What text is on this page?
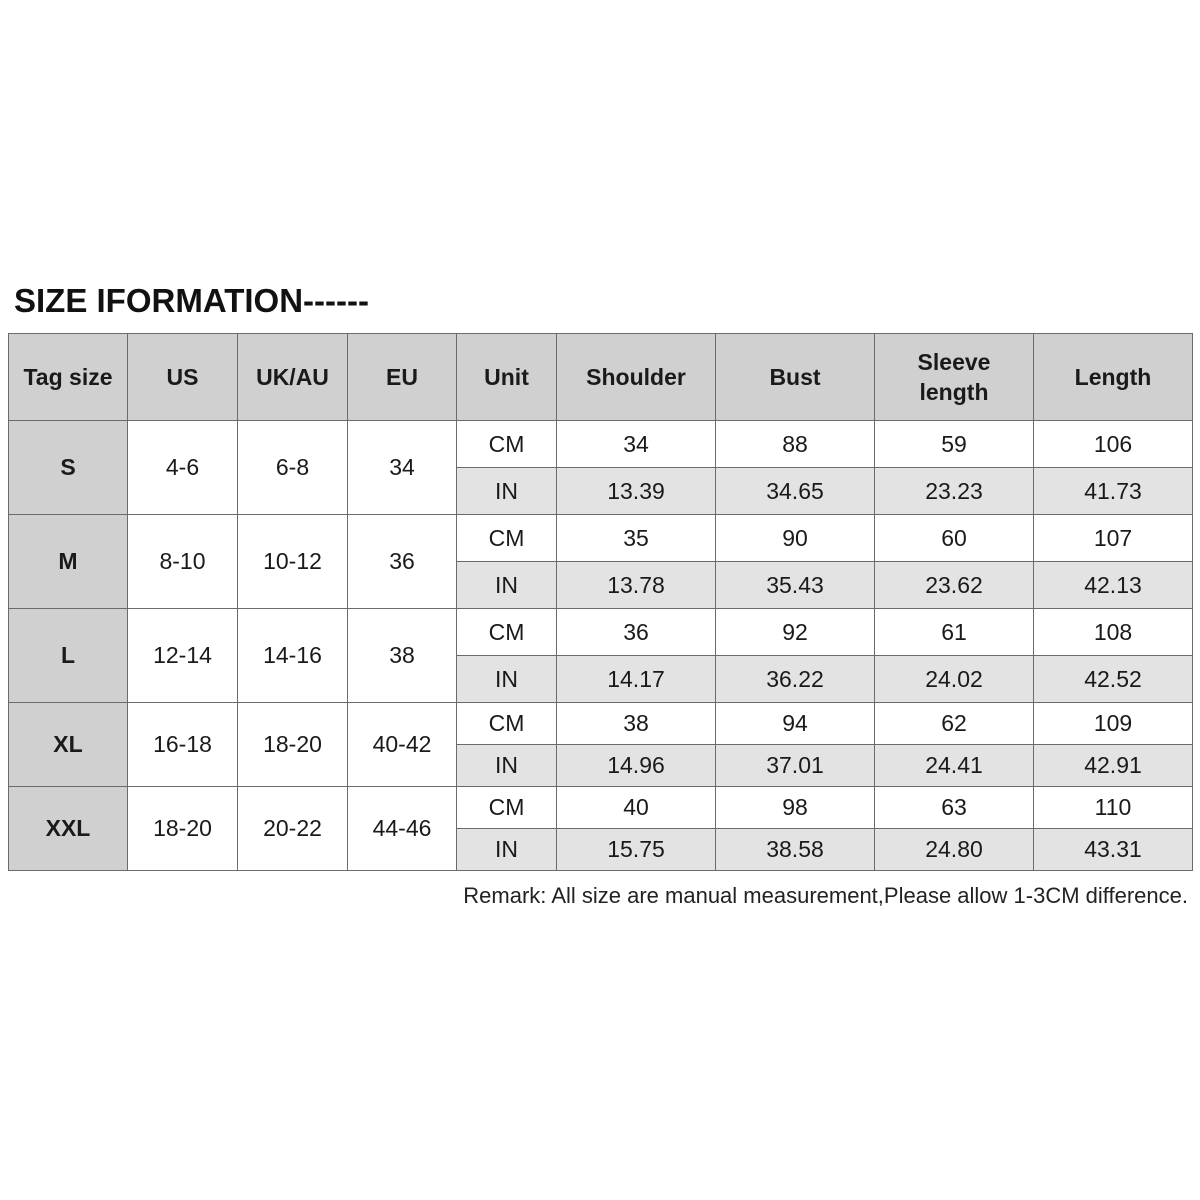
SIZE IFORMATION------
Tag size	US	UK/AU	EU	Unit	Shoulder	Bust	Sleeve length	Length
S	4-6	6-8	34	CM	34	88	59	106
				IN	13.39	34.65	23.23	41.73
M	8-10	10-12	36	CM	35	90	60	107
				IN	13.78	35.43	23.62	42.13
L	12-14	14-16	38	CM	36	92	61	108
				IN	14.17	36.22	24.02	42.52
XL	16-18	18-20	40-42	CM	38	94	62	109
				IN	14.96	37.01	24.41	42.91
XXL	18-20	20-22	44-46	CM	40	98	63	110
				IN	15.75	38.58	24.80	43.31
Remark: All size are manual measurement,Please allow 1-3CM difference.
